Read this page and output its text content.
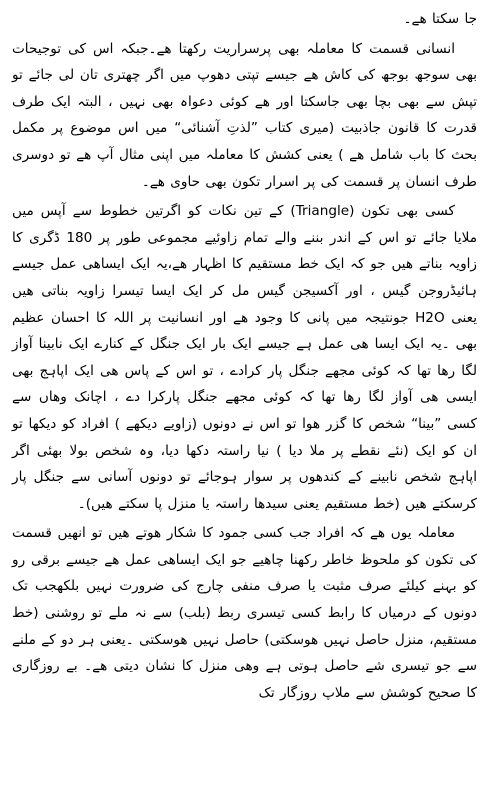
جا سکتا ھے۔

انسانی قسمت کا معاملہ بھی پرسراریت رکھتا ھے۔جبکہ اس کی توجیحات بھی سوجھ بوجھ کی کاش ھے جیسے تپتی دھوپ میں اگر چھتری تان لی جائے تو تپش سے بھی بچا بھی جاسکتا اور ھے کوئی دعواہ بھی نہیں ، البتہ ایک طرف قدرت کا قانون جاذبیت (میری کتاب ”لذتِ آشنائی“ میں اس موضوع پر مکمل بحث کا باب شامل ھے ) یعنی کشش کا معاملہ میں اپنی مثال آپ ھے تو دوسری طرف انسان پر قسمت کی پر اسرار تکون بھی حاوی ھے۔

کسی بھی تکون (Triangle) کے تین نکات کو اگرتین خطوط سے آپس میں ملایا جائے تو اس کے اندر بننے والے تمام زاوئیے مجموعی طور پر 180 ڈگری کا زاویہ بناتے ھیں جو کہ ایک خط مستقیم کا اظہار ھے،یہ ایک ایساھی عمل جیسے ہائیڈروجن گیس ، اور آکسیجن گیس مل کر ایک ایسا تیسرا زاویہ بناتی ھیں یعنی H2O جونتیجہ میں پانی کا وجود ھے اور انسانیت پر اللہ کا احسان عظیم بھی ۔یہ ایک ایسا ھی عمل ہے جیسے ایک بار ایک جنگل کے کنارے ایک نابینا آواز لگا رھا تھا کہ کوئی مجھے جنگل پار کرادے ، تو اس کے پاس ھی ایک اپاہج بھی ایسی ھی آواز لگا رھا تھا کہ کوئی مجھے جنگل پارکرا دے ، اچانک وھاں سے کسی ”بینا“ شخص کا گزر ھوا تو اس نے دونوں (زاویے دیکھے ) افراد کو دیکھا تو ان کو ایک (نئے نقطے پر ملا دیا ) نیا راستہ دکھا دیا، وہ شخص بولا بھئی اگر اپاہج شخص نابینے کے کندھوں پر سوار ہوجائے تو دونوں آسانی سے جنگل پار کرسکتے ھیں (خط مستقیم یعنی سیدھا راستہ یا منزل پا سکتے ھیں)۔

معاملہ یوں ھے کہ افراد جب کسی جمود کا شکار ھوتے ھیں تو انھیں قسمت کی تکون کو ملحوظ خاطر رکھنا چاھیے جو ایک ایساھی عمل ھے جیسے برقی رو کو بہنے کیلئے صرف مثبت یا صرف منفی چارج کی ضرورت نہیں بلکھجب تک دونوں کے درمیاں کا رابط کسی تیسری ربط (بلب) سے نہ ملے تو روشنی (خط مستقیم، منزل حاصل نہیں ھوسکتی) حاصل نہیں ھوسکتی ۔یعنی ہر دو کے ملنے سے جو تیسری شے حاصل ہوتی ہے وھی منزل کا نشان دیتی ھے۔ بے روزگاری کا صحیح کوشش سے ملاپ روزگار تک
